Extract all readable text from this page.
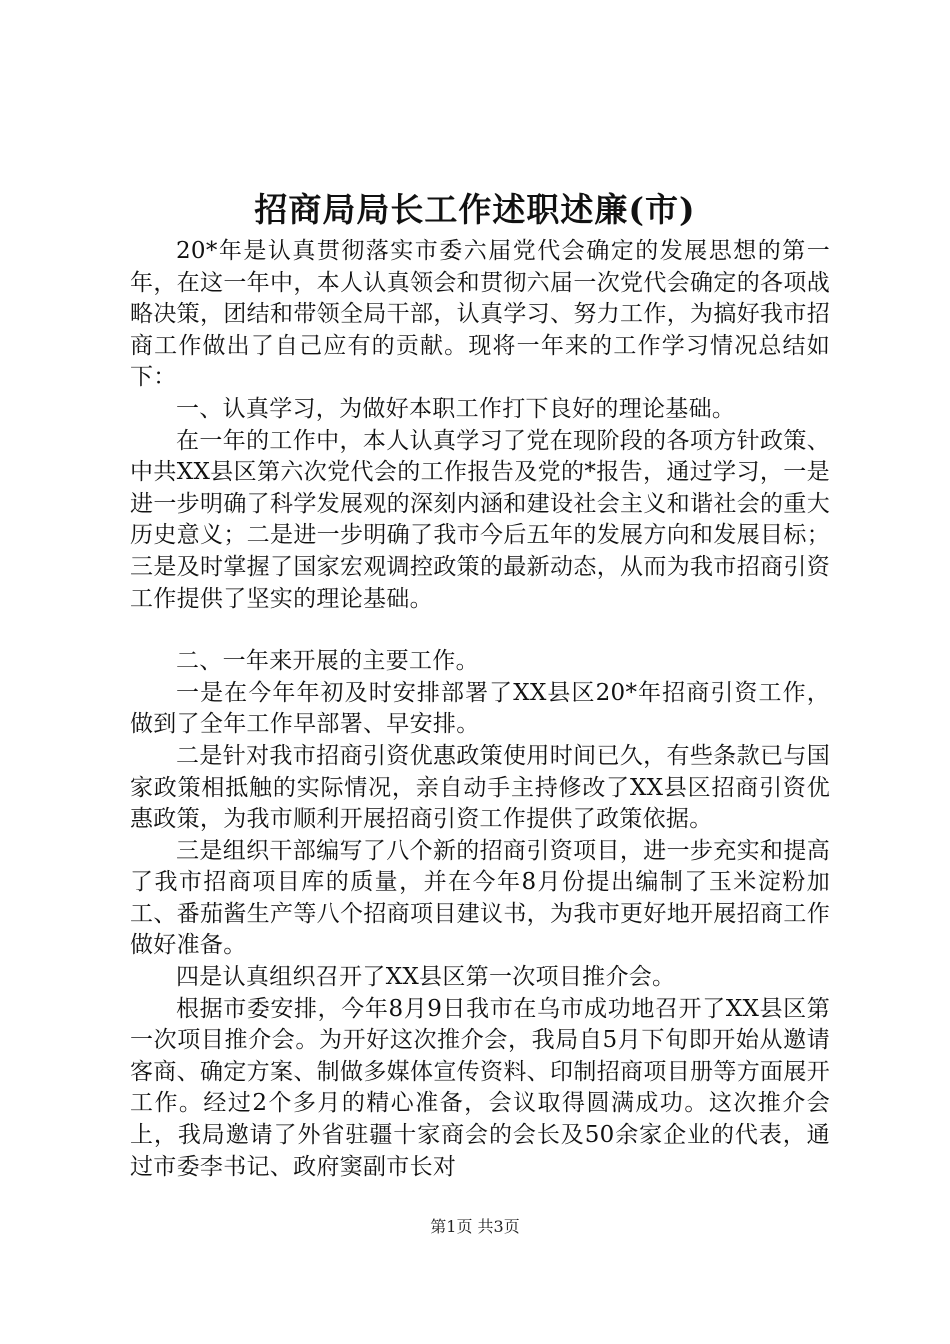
招商局局长工作述职述廉(市)

20*年是认真贯彻落实市委六届党代会确定的发展思想的第一年，在这一年中，本人认真领会和贯彻六届一次党代会确定的各项战略决策，团结和带领全局干部，认真学习、努力工作，为搞好我市招商工作做出了自己应有的贡献。现将一年来的工作学习情况总结如下：

一、认真学习，为做好本职工作打下良好的理论基础。

在一年的工作中，本人认真学习了党在现阶段的各项方针政策、中共XX县区第六次党代会的工作报告及党的*报告，通过学习，一是进一步明确了科学发展观的深刻内涵和建设社会主义和谐社会的重大历史意义；二是进一步明确了我市今后五年的发展方向和发展目标；三是及时掌握了国家宏观调控政策的最新动态，从而为我市招商引资工作提供了坚实的理论基础。

二、一年来开展的主要工作。

一是在今年年初及时安排部署了XX县区20*年招商引资工作，做到了全年工作早部署、早安排。

二是针对我市招商引资优惠政策使用时间已久，有些条款已与国家政策相抵触的实际情况，亲自动手主持修改了XX县区招商引资优惠政策，为我市顺利开展招商引资工作提供了政策依据。

三是组织干部编写了八个新的招商引资项目，进一步充实和提高了我市招商项目库的质量，并在今年8月份提出编制了玉米淀粉加工、番茄酱生产等八个招商项目建议书，为我市更好地开展招商工作做好准备。

四是认真组织召开了XX县区第一次项目推介会。

根据市委安排，今年8月9日我市在乌市成功地召开了XX县区第一次项目推介会。为开好这次推介会，我局自5月下旬即开始从邀请客商、确定方案、制做多媒体宣传资料、印制招商项目册等方面展开工作。经过2个多月的精心准备，会议取得圆满成功。这次推介会上，我局邀请了外省驻疆十家商会的会长及50余家企业的代表，通过市委李书记、政府窦副市长对

第1页 共3页
